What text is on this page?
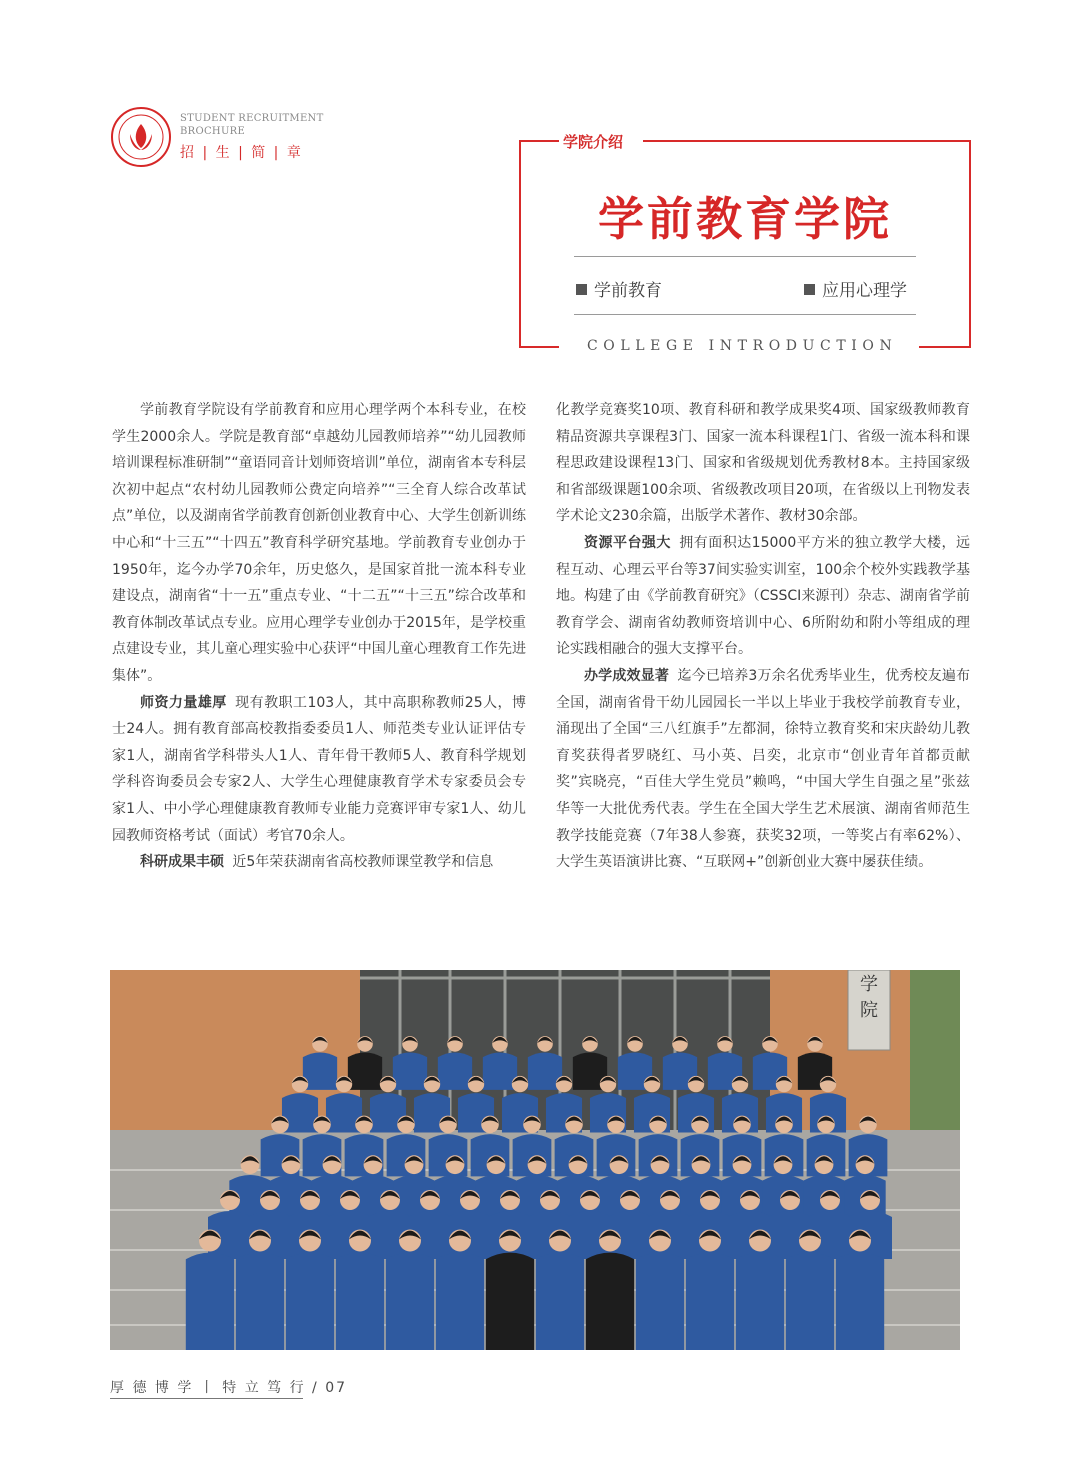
STUDENT RECRUITMENT
BROCHURE
招 | 生 | 简 | 章
学院介绍
学前教育学院
学前教育	应用心理学
COLLEGE INTRODUCTION

学前教育学院设有学前教育和应用心理学两个本科专业，在校学生2000余人。学院是教育部“卓越幼儿园教师培养”“幼儿园教师培训课程标准研制”“童语同音计划师资培训”单位，湖南省本专科层次初中起点“农村幼儿园教师公费定向培养”“三全育人综合改革试点”单位，以及湖南省学前教育创新创业教育中心、大学生创新训练中心和“十三五”“十四五”教育科学研究基地。学前教育专业创办于1950年，迄今办学70余年，历史悠久，是国家首批一流本科专业建设点，湖南省“十一五”重点专业、“十二五”“十三五”综合改革和教育体制改革试点专业。应用心理学专业创办于2015年，是学校重点建设专业，其儿童心理实验中心获评“中国儿童心理教育工作先进集体”。

师资力量雄厚 现有教职工103人，其中高职称教师25人，博士24人。拥有教育部高校教指委委员1人、师范类专业认证评估专家1人，湖南省学科带头人1人、青年骨干教师5人、教育科学规划学科咨询委员会专家2人、大学生心理健康教育学术专家委员会专家1人、中小学心理健康教育教师专业能力竞赛评审专家1人、幼儿园教师资格考试（面试）考官70余人。

科研成果丰硕 近5年荣获湖南省高校教师课堂教学和信息

化教学竞赛奖10项、教育科研和教学成果奖4项、国家级教师教育精品资源共享课程3门、国家一流本科课程1门、省级一流本科和课程思政建设课程13门、国家和省级规划优秀教材8本。主持国家级和省部级课题100余项、省级教改项目20项，在省级以上刊物发表学术论文230余篇，出版学术著作、教材30余部。

资源平台强大 拥有面积达15000平方米的独立教学大楼，远程互动、心理云平台等37间实验实训室，100余个校外实践教学基地。构建了由《学前教育研究》（CSSCI来源刊）杂志、湖南省学前教育学会、湖南省幼教师资培训中心、6所附幼和附小等组成的理论实践相融合的强大支撑平台。

办学成效显著 迄今已培养3万余名优秀毕业生，优秀校友遍布全国，湖南省骨干幼儿园园长一半以上毕业于我校学前教育专业，涌现出了全国“三八红旗手”左都洞，徐特立教育奖和宋庆龄幼儿教育奖获得者罗晓红、马小英、吕奕，北京市“创业青年首都贡献奖”宾晓亮，“百佳大学生党员”赖鸣，“中国大学生自强之星”张兹华等一大批优秀代表。学生在全国大学生艺术展演、湖南省师范生教学技能竞赛（7年38人参赛，获奖32项，一等奖占有率62%）、大学生英语演讲比赛、“互联网+”创新创业大赛中屡获佳绩。

学
院
厚 德 博 学 丨 特 立 笃 行 / 07
